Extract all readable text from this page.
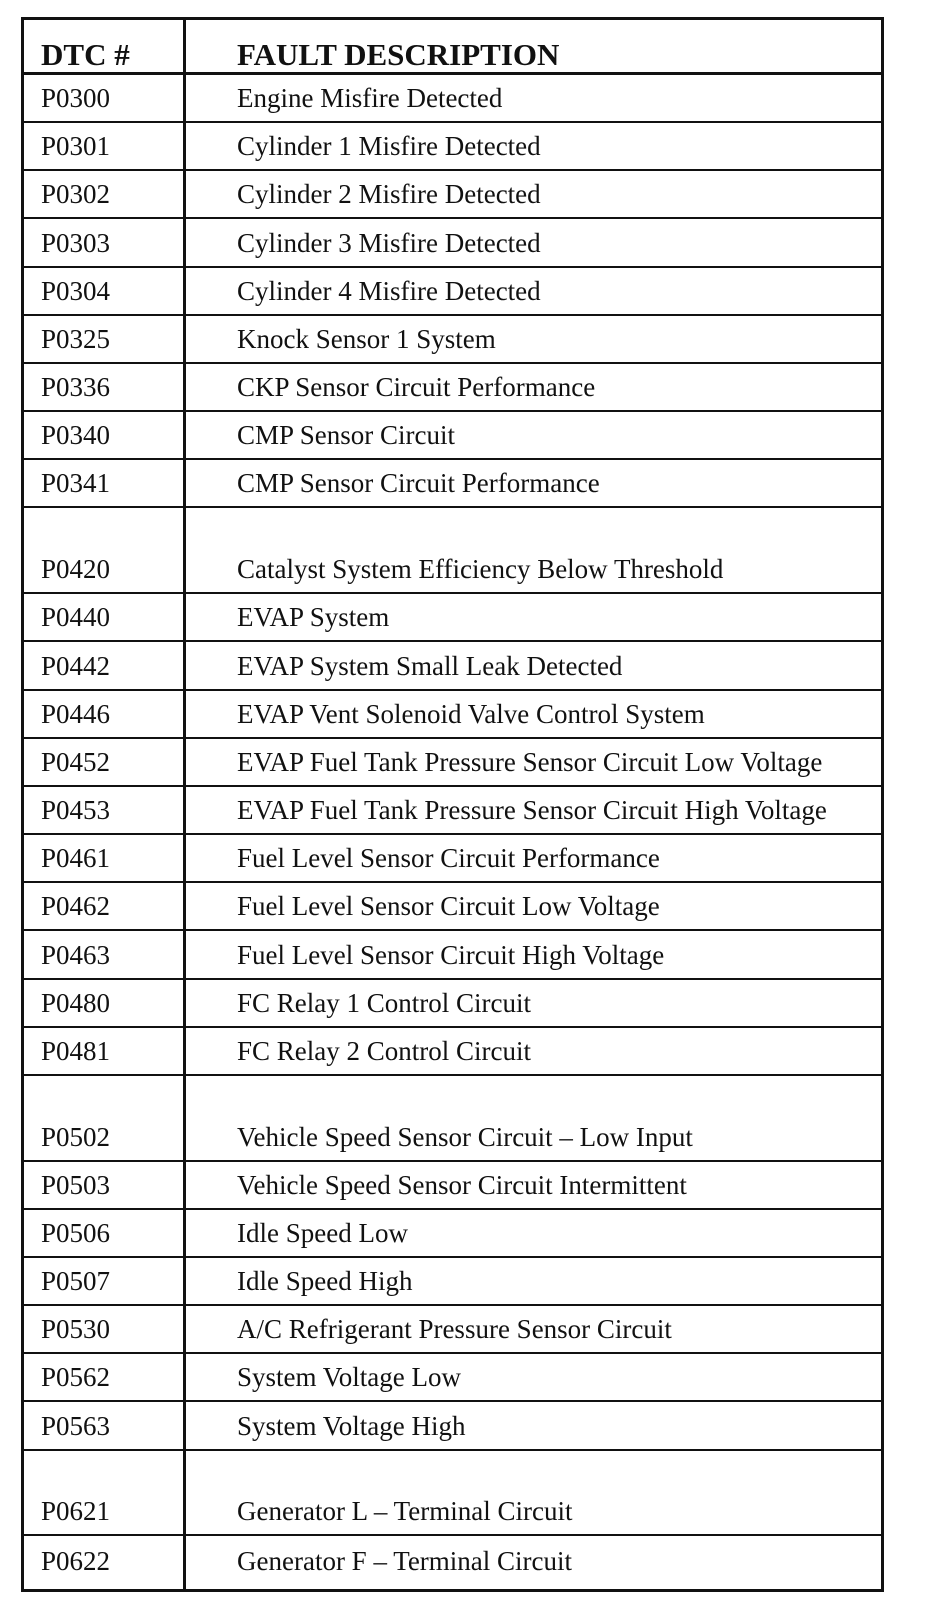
DTC #	FAULT DESCRIPTION
P0300	Engine Misfire Detected
P0301	Cylinder 1 Misfire Detected
P0302	Cylinder 2 Misfire Detected
P0303	Cylinder 3 Misfire Detected
P0304	Cylinder 4 Misfire Detected
P0325	Knock Sensor 1 System
P0336	CKP Sensor Circuit Performance
P0340	CMP Sensor Circuit
P0341	CMP Sensor Circuit Performance
P0420	Catalyst System Efficiency Below Threshold
P0440	EVAP System
P0442	EVAP System Small Leak Detected
P0446	EVAP Vent Solenoid Valve Control System
P0452	EVAP Fuel Tank Pressure Sensor Circuit Low Voltage
P0453	EVAP Fuel Tank Pressure Sensor Circuit High Voltage
P0461	Fuel Level Sensor Circuit Performance
P0462	Fuel Level Sensor Circuit Low Voltage
P0463	Fuel Level Sensor Circuit High Voltage
P0480	FC Relay 1 Control Circuit
P0481	FC Relay 2 Control Circuit
P0502	Vehicle Speed Sensor Circuit – Low Input
P0503	Vehicle Speed Sensor Circuit Intermittent
P0506	Idle Speed Low
P0507	Idle Speed High
P0530	A/C Refrigerant Pressure Sensor Circuit
P0562	System Voltage Low
P0563	System Voltage High
P0621	Generator L – Terminal Circuit
P0622	Generator F – Terminal Circuit
